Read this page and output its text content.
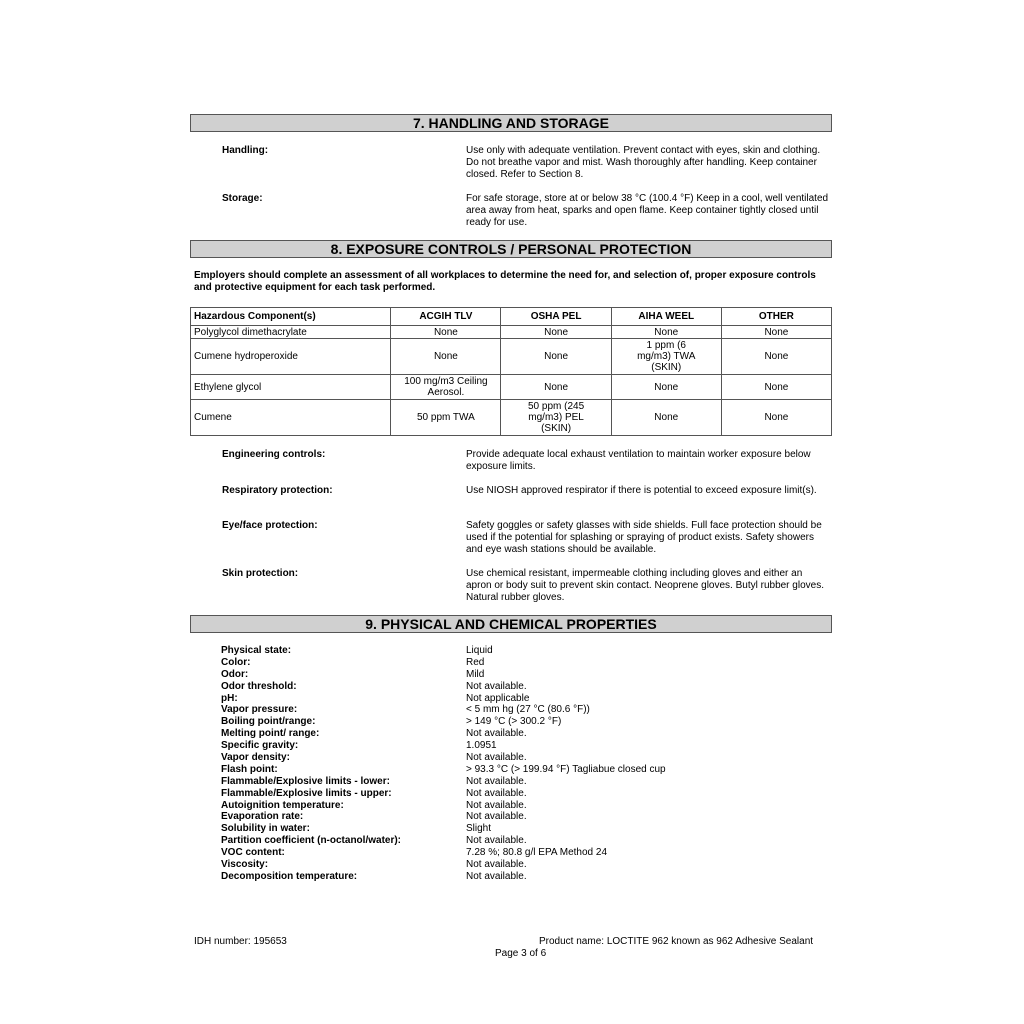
7. HANDLING AND STORAGE
Handling:	Use only with adequate ventilation. Prevent contact with eyes, skin and clothing. Do not breathe vapor and mist. Wash thoroughly after handling. Keep container closed. Refer to Section 8.
Storage:	For safe storage, store at or below 38 °C (100.4 °F) Keep in a cool, well ventilated area away from heat, sparks and open flame. Keep container tightly closed until ready for use.
8. EXPOSURE CONTROLS / PERSONAL PROTECTION
Employers should complete an assessment of all workplaces to determine the need for, and selection of, proper exposure controls and protective equipment for each task performed.
Hazardous Component(s)	ACGIH TLV	OSHA PEL	AIHA WEEL	OTHER
Polyglycol dimethacrylate	None	None	None	None
Cumene hydroperoxide	None	None	1 ppm (6 mg/m3) TWA (SKIN)	None
Ethylene glycol	100 mg/m3 Ceiling Aerosol.	None	None	None
Cumene	50 ppm TWA	50 ppm (245 mg/m3) PEL (SKIN)	None	None
Engineering controls:	Provide adequate local exhaust ventilation to maintain worker exposure below exposure limits.
Respiratory protection:	Use NIOSH approved respirator if there is potential to exceed exposure limit(s).
Eye/face protection:	Safety goggles or safety glasses with side shields. Full face protection should be used if the potential for splashing or spraying of product exists. Safety showers and eye wash stations should be available.
Skin protection:	Use chemical resistant, impermeable clothing including gloves and either an apron or body suit to prevent skin contact. Neoprene gloves. Butyl rubber gloves. Natural rubber gloves.
9. PHYSICAL AND CHEMICAL PROPERTIES
Physical state:	Liquid
Color:	Red
Odor:	Mild
Odor threshold:	Not available.
pH:	Not applicable
Vapor pressure:	< 5 mm hg (27 °C (80.6 °F))
Boiling point/range:	> 149 °C (> 300.2 °F)
Melting point/ range:	Not available.
Specific gravity:	1.0951
Vapor density:	Not available.
Flash point:	> 93.3 °C (> 199.94 °F) Tagliabue closed cup
Flammable/Explosive limits - lower:	Not available.
Flammable/Explosive limits - upper:	Not available.
Autoignition temperature:	Not available.
Evaporation rate:	Not available.
Solubility in water:	Slight
Partition coefficient (n-octanol/water):	Not available.
VOC content:	7.28 %; 80.8 g/l EPA Method 24
Viscosity:	Not available.
Decomposition temperature:	Not available.
IDH number: 195653	Product name: LOCTITE 962 known as 962 Adhesive Sealant
Page 3 of 6
